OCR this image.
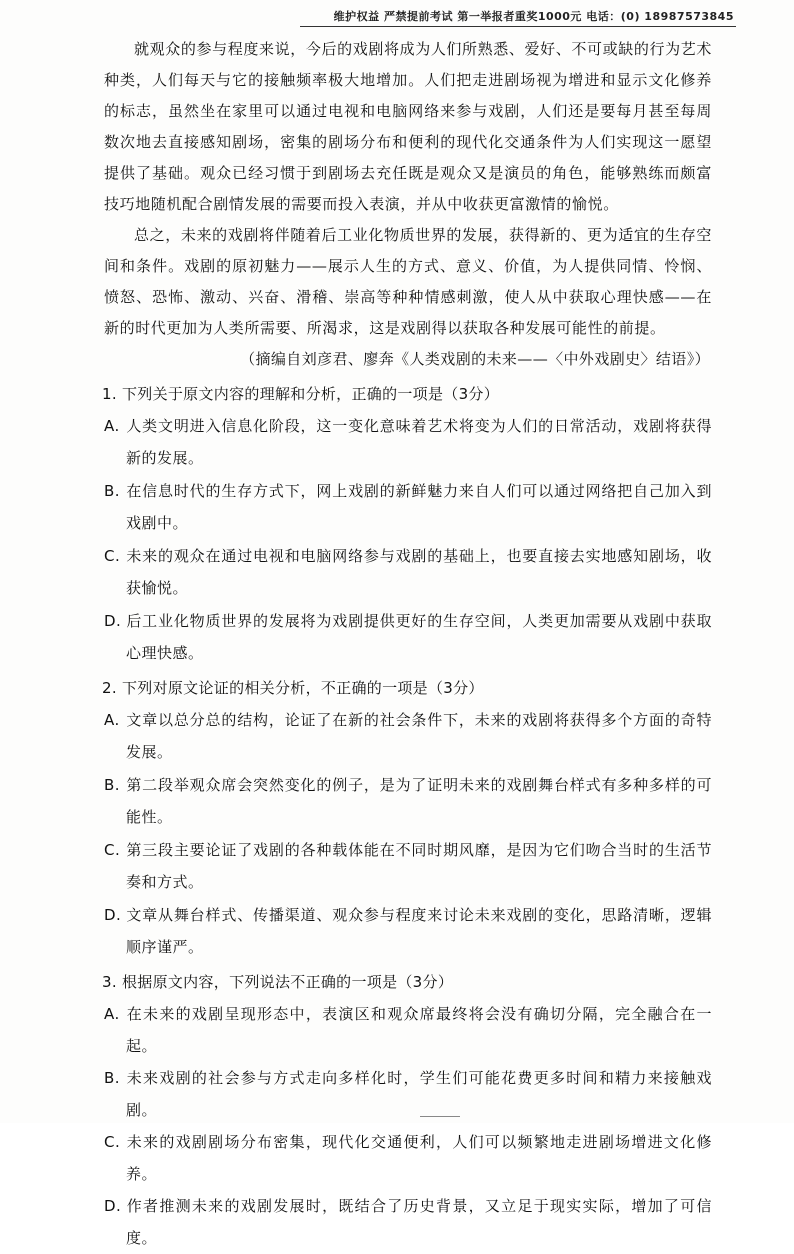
维护权益 严禁提前考试 第一举报者重奖1000元 电话：(0) 18987573845

就观众的参与程度来说，今后的戏剧将成为人们所熟悉、爱好、不可或缺的行为艺术种类，人们每天与它的接触频率极大地增加。人们把走进剧场视为增进和显示文化修养的标志，虽然坐在家里可以通过电视和电脑网络来参与戏剧，人们还是要每月甚至每周数次地去直接感知剧场，密集的剧场分布和便利的现代化交通条件为人们实现这一愿望提供了基础。观众已经习惯于到剧场去充任既是观众又是演员的角色，能够熟练而颇富技巧地随机配合剧情发展的需要而投入表演，并从中收获更富激情的愉悦。

总之，未来的戏剧将伴随着后工业化物质世界的发展，获得新的、更为适宜的生存空间和条件。戏剧的原初魅力——展示人生的方式、意义、价值，为人提供同情、怜悯、愤怒、恐怖、激动、兴奋、滑稽、崇高等种种情感刺激，使人从中获取心理快感——在新的时代更加为人类所需要、所渴求，这是戏剧得以获取各种发展可能性的前提。

（摘编自刘彦君、廖奔《人类戏剧的未来——〈中外戏剧史〉结语》）

1. 下列关于原文内容的理解和分析，正确的一项是（3分）

A. 人类文明进入信息化阶段，这一变化意味着艺术将变为人们的日常活动，戏剧将获得新的发展。

B. 在信息时代的生存方式下，网上戏剧的新鲜魅力来自人们可以通过网络把自己加入到戏剧中。

C. 未来的观众在通过电视和电脑网络参与戏剧的基础上，也要直接去实地感知剧场，收获愉悦。

D. 后工业化物质世界的发展将为戏剧提供更好的生存空间，人类更加需要从戏剧中获取心理快感。

2. 下列对原文论证的相关分析，不正确的一项是（3分）

A. 文章以总分总的结构，论证了在新的社会条件下，未来的戏剧将获得多个方面的奇特发展。

B. 第二段举观众席会突然变化的例子，是为了证明未来的戏剧舞台样式有多种多样的可能性。

C. 第三段主要论证了戏剧的各种载体能在不同时期风靡，是因为它们吻合当时的生活节奏和方式。

D. 文章从舞台样式、传播渠道、观众参与程度来讨论未来戏剧的变化，思路清晰，逻辑顺序谨严。

3. 根据原文内容，下列说法不正确的一项是（3分）

A. 在未来的戏剧呈现形态中，表演区和观众席最终将会没有确切分隔，完全融合在一起。

B. 未来戏剧的社会参与方式走向多样化时，学生们可能花费更多时间和精力来接触戏剧。

C. 未来的戏剧剧场分布密集，现代化交通便利，人们可以频繁地走进剧场增进文化修养。

D. 作者推测未来的戏剧发展时，既结合了历史背景，又立足于现实实际，增加了可信度。
